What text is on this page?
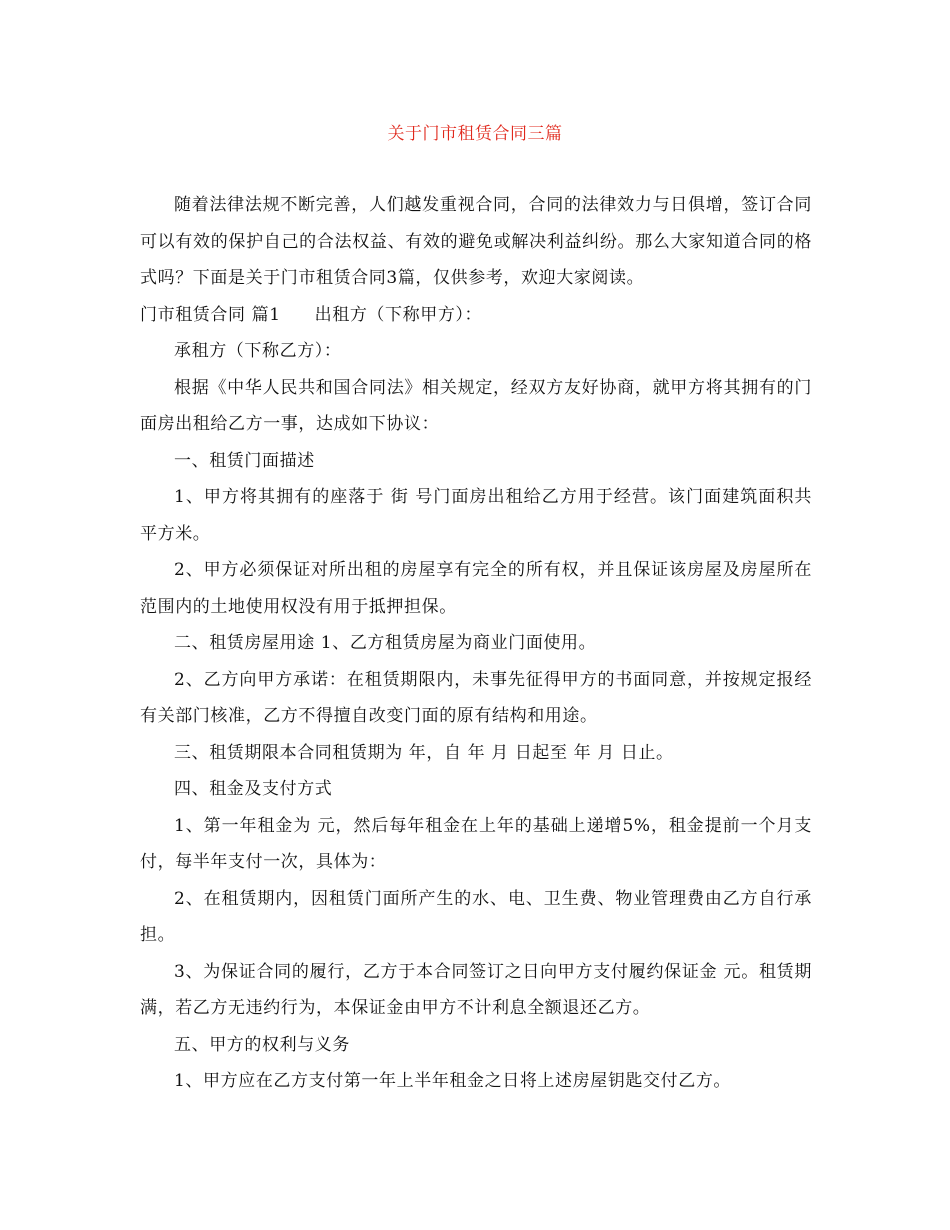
关于门市租赁合同三篇

随着法律法规不断完善，人们越发重视合同，合同的法律效力与日俱增，签订合同可以有效的保护自己的合法权益、有效的避免或解决利益纠纷。那么大家知道合同的格式吗？下面是关于门市租赁合同3篇，仅供参考，欢迎大家阅读。

门市租赁合同 篇1 出租方（下称甲方）：

承租方（下称乙方）：

根据《中华人民共和国合同法》相关规定，经双方友好协商，就甲方将其拥有的门面房出租给乙方一事，达成如下协议：

一、租赁门面描述

1、甲方将其拥有的座落于 街 号门面房出租给乙方用于经营。该门面建筑面积共 平方米。

2、甲方必须保证对所出租的房屋享有完全的所有权，并且保证该房屋及房屋所在范围内的土地使用权没有用于抵押担保。

二、租赁房屋用途 1、乙方租赁房屋为商业门面使用。

2、乙方向甲方承诺：在租赁期限内，未事先征得甲方的书面同意，并按规定报经有关部门核准，乙方不得擅自改变门面的原有结构和用途。

三、租赁期限本合同租赁期为 年，自 年 月 日起至 年 月 日止。

四、租金及支付方式

1、第一年租金为 元，然后每年租金在上年的基础上递增5%，租金提前一个月支付，每半年支付一次，具体为：

2、在租赁期内，因租赁门面所产生的水、电、卫生费、物业管理费由乙方自行承担。

3、为保证合同的履行，乙方于本合同签订之日向甲方支付履约保证金 元。租赁期满，若乙方无违约行为，本保证金由甲方不计利息全额退还乙方。

五、甲方的权利与义务

1、甲方应在乙方支付第一年上半年租金之日将上述房屋钥匙交付乙方。
